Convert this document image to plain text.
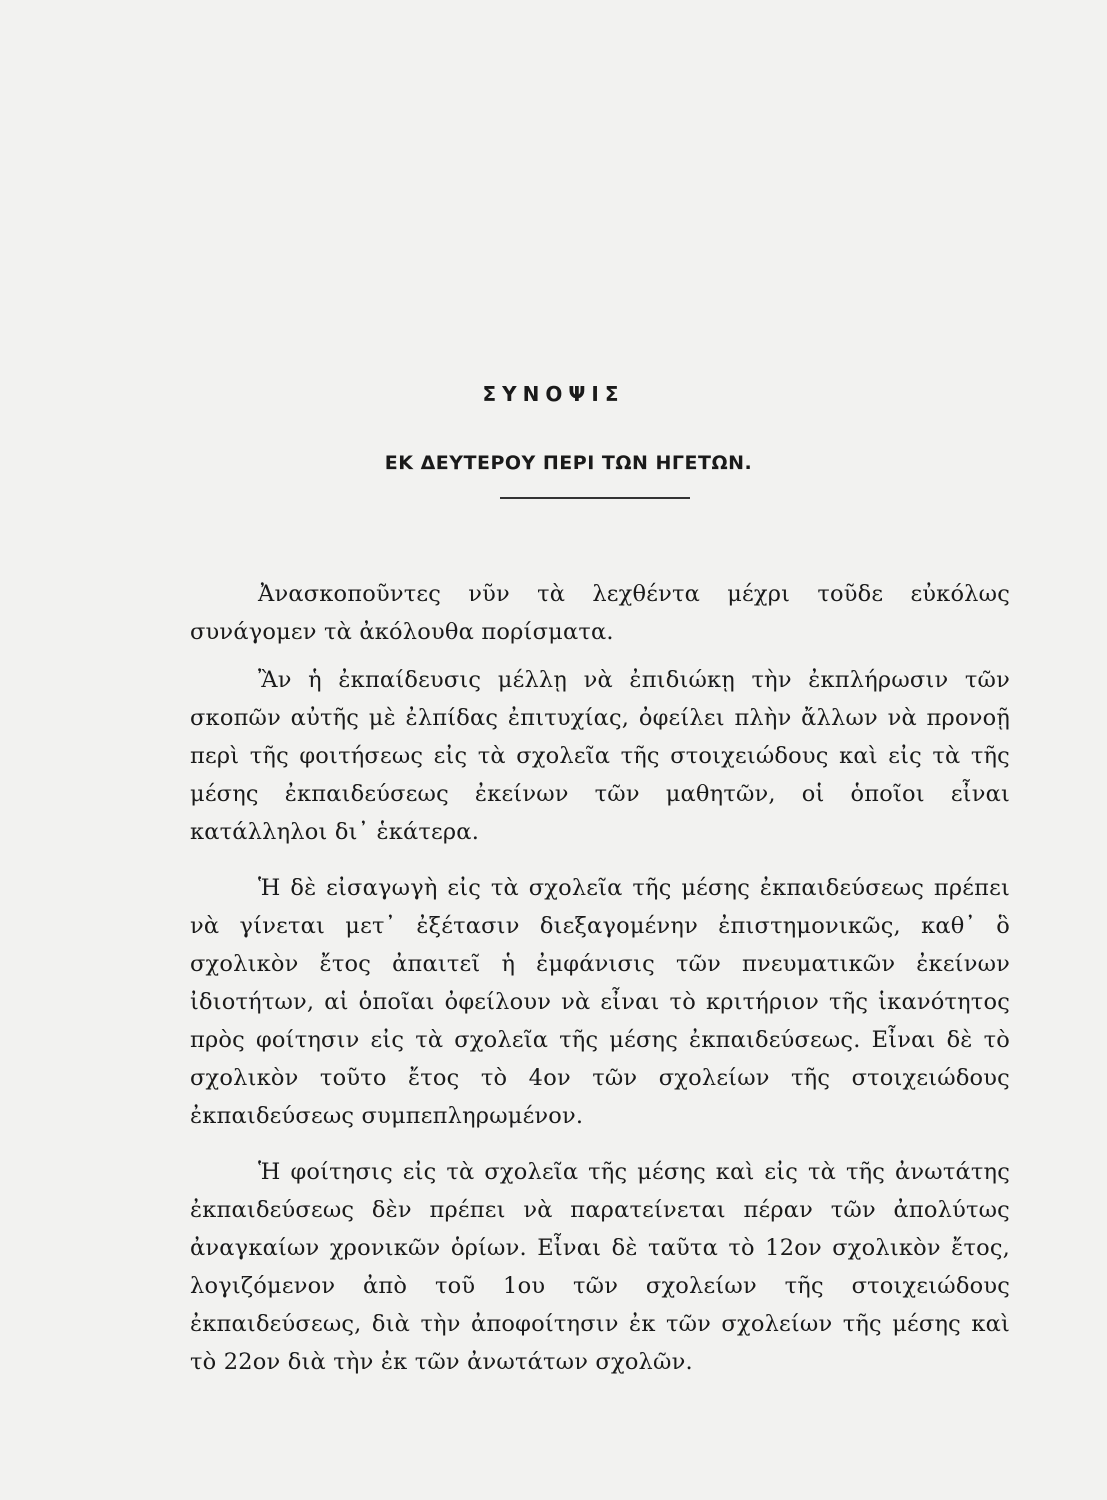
ΣΥΝΟΨΙΣ
ΕΚ ΔΕΥΤΕΡΟΥ ΠΕΡΙ ΤΩΝ ΗΓΕΤΩΝ.

Ἀνασκοποῦντες νῦν τὰ λεχθέντα μέχρι τοῦδε εὐκόλως συνάγομεν τὰ ἀκόλουθα πορίσματα.

Ἂν ἡ ἐκπαίδευσις μέλλῃ νὰ ἐπιδιώκῃ τὴν ἐκπλήρωσιν τῶν σκοπῶν αὐτῆς μὲ ἐλπίδας ἐπιτυχίας, ὀφείλει πλὴν ἄλλων νὰ προνοῇ περὶ τῆς φοιτήσεως εἰς τὰ σχολεῖα τῆς στοιχειώδους καὶ εἰς τὰ τῆς μέσης ἐκπαιδεύσεως ἐκείνων τῶν μαθητῶν, οἱ ὁποῖοι εἶναι κατάλληλοι δι᾽ ἑκάτερα.

Ἡ δὲ εἰσαγωγὴ εἰς τὰ σχολεῖα τῆς μέσης ἐκπαιδεύσεως πρέπει νὰ γίνεται μετ᾽ ἐξέτασιν διεξαγομένην ἐπιστημονικῶς, καθ᾽ ὃ σχολικὸν ἔτος ἀπαιτεῖ ἡ ἐμφάνισις τῶν πνευματικῶν ἐκείνων ἰδιοτήτων, αἱ ὁποῖαι ὀφείλουν νὰ εἶναι τὸ κριτήριον τῆς ἱκανότητος πρὸς φοίτησιν εἰς τὰ σχολεῖα τῆς μέσης ἐκπαιδεύσεως. Εἶναι δὲ τὸ σχολικὸν τοῦτο ἔτος τὸ 4ον τῶν σχολείων τῆς στοιχειώδους ἐκπαιδεύσεως συμπεπληρωμένον.

Ἡ φοίτησις εἰς τὰ σχολεῖα τῆς μέσης καὶ εἰς τὰ τῆς ἀνωτάτης ἐκπαιδεύσεως δὲν πρέπει νὰ παρατείνεται πέραν τῶν ἀπολύτως ἀναγκαίων χρονικῶν ὁρίων. Εἶναι δὲ ταῦτα τὸ 12ον σχολικὸν ἔτος, λογιζόμενον ἀπὸ τοῦ 1ου τῶν σχολείων τῆς στοιχειώδους ἐκπαιδεύσεως, διὰ τὴν ἀποφοίτησιν ἐκ τῶν σχολείων τῆς μέσης καὶ τὸ 22ον διὰ τὴν ἐκ τῶν ἀνωτάτων σχολῶν.
